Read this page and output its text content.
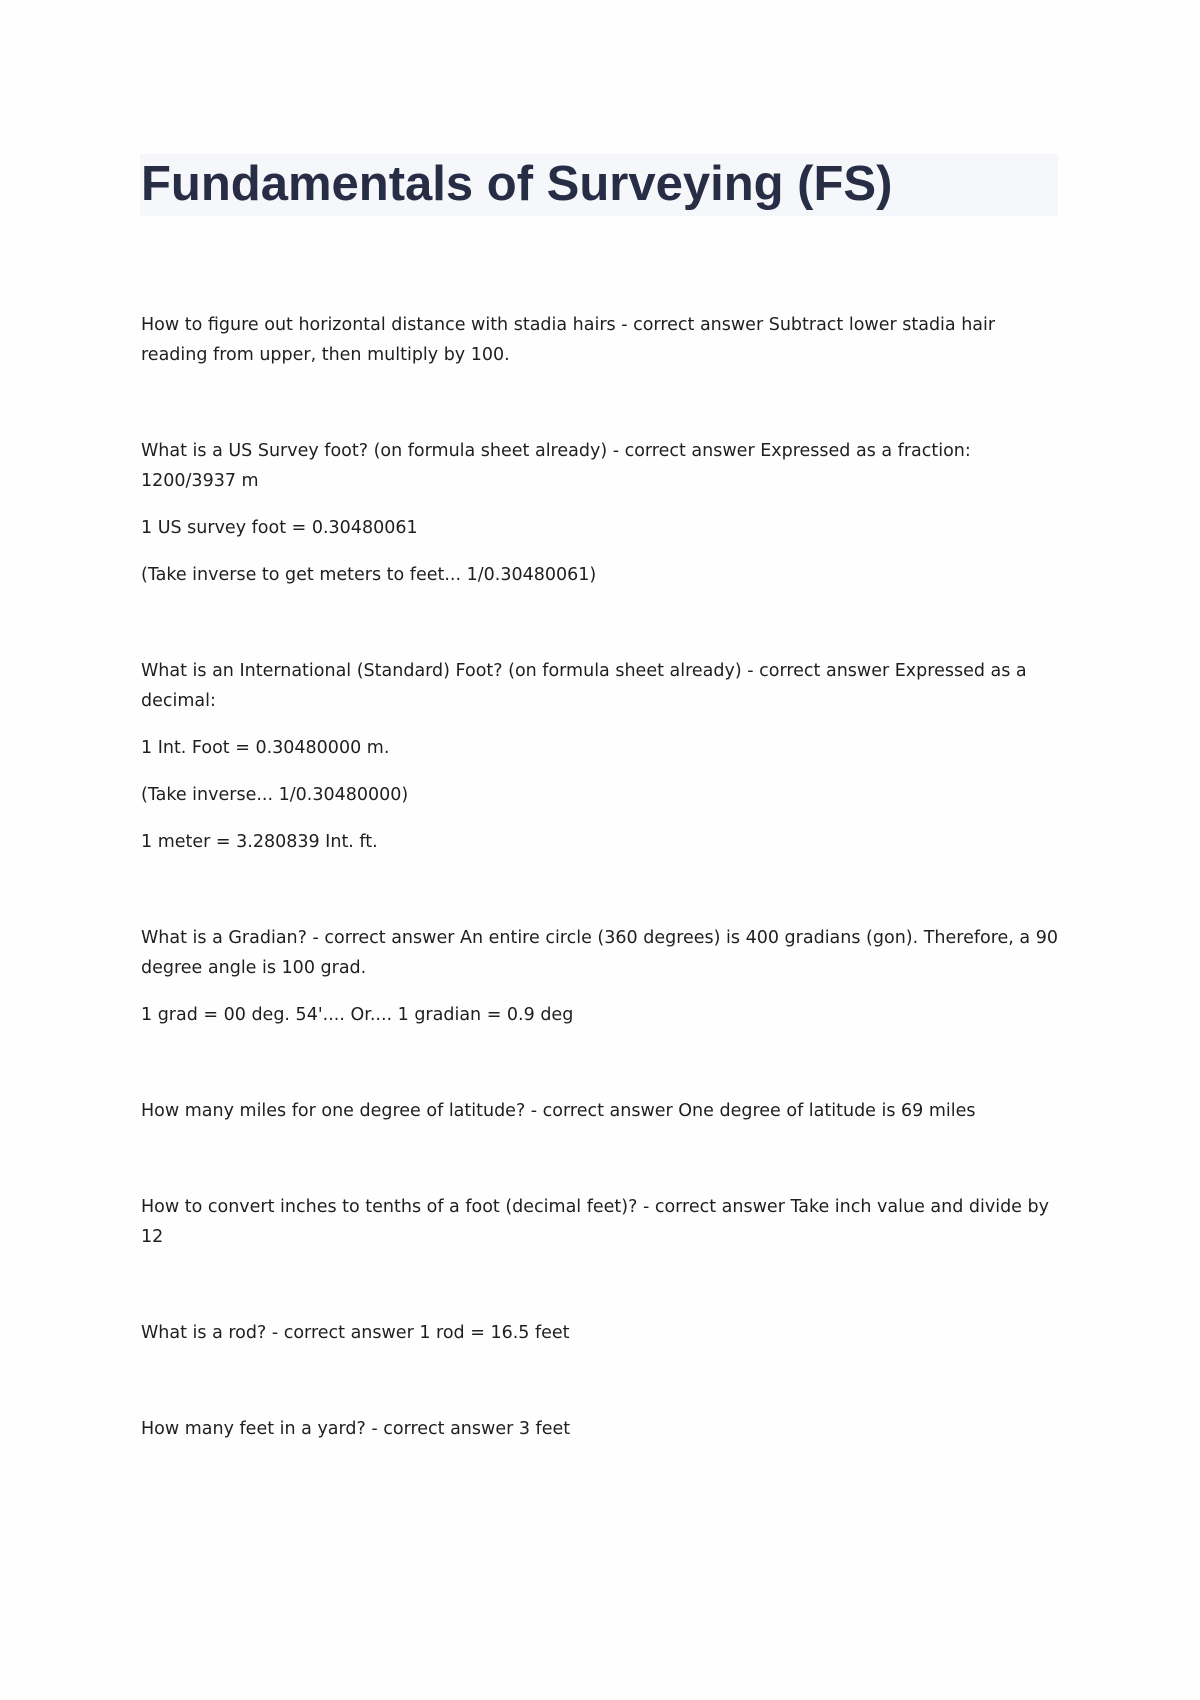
Fundamentals of Surveying (FS)

How to figure out horizontal distance with stadia hairs - correct answer Subtract lower stadia hair reading from upper, then multiply by 100.

What is a US Survey foot? (on formula sheet already) - correct answer Expressed as a fraction: 1200/3937 m

1 US survey foot = 0.30480061

(Take inverse to get meters to feet... 1/0.30480061)

What is an International (Standard) Foot? (on formula sheet already) - correct answer Expressed as a decimal:

1 Int. Foot = 0.30480000 m.

(Take inverse... 1/0.30480000)

1 meter = 3.280839 Int. ft.

What is a Gradian? - correct answer An entire circle (360 degrees) is 400 gradians (gon). Therefore, a 90 degree angle is 100 grad.

1 grad = 00 deg. 54'.... Or.... 1 gradian = 0.9 deg

How many miles for one degree of latitude? - correct answer One degree of latitude is 69 miles

How to convert inches to tenths of a foot (decimal feet)? - correct answer Take inch value and divide by 12

What is a rod? - correct answer 1 rod = 16.5 feet

How many feet in a yard? - correct answer 3 feet
